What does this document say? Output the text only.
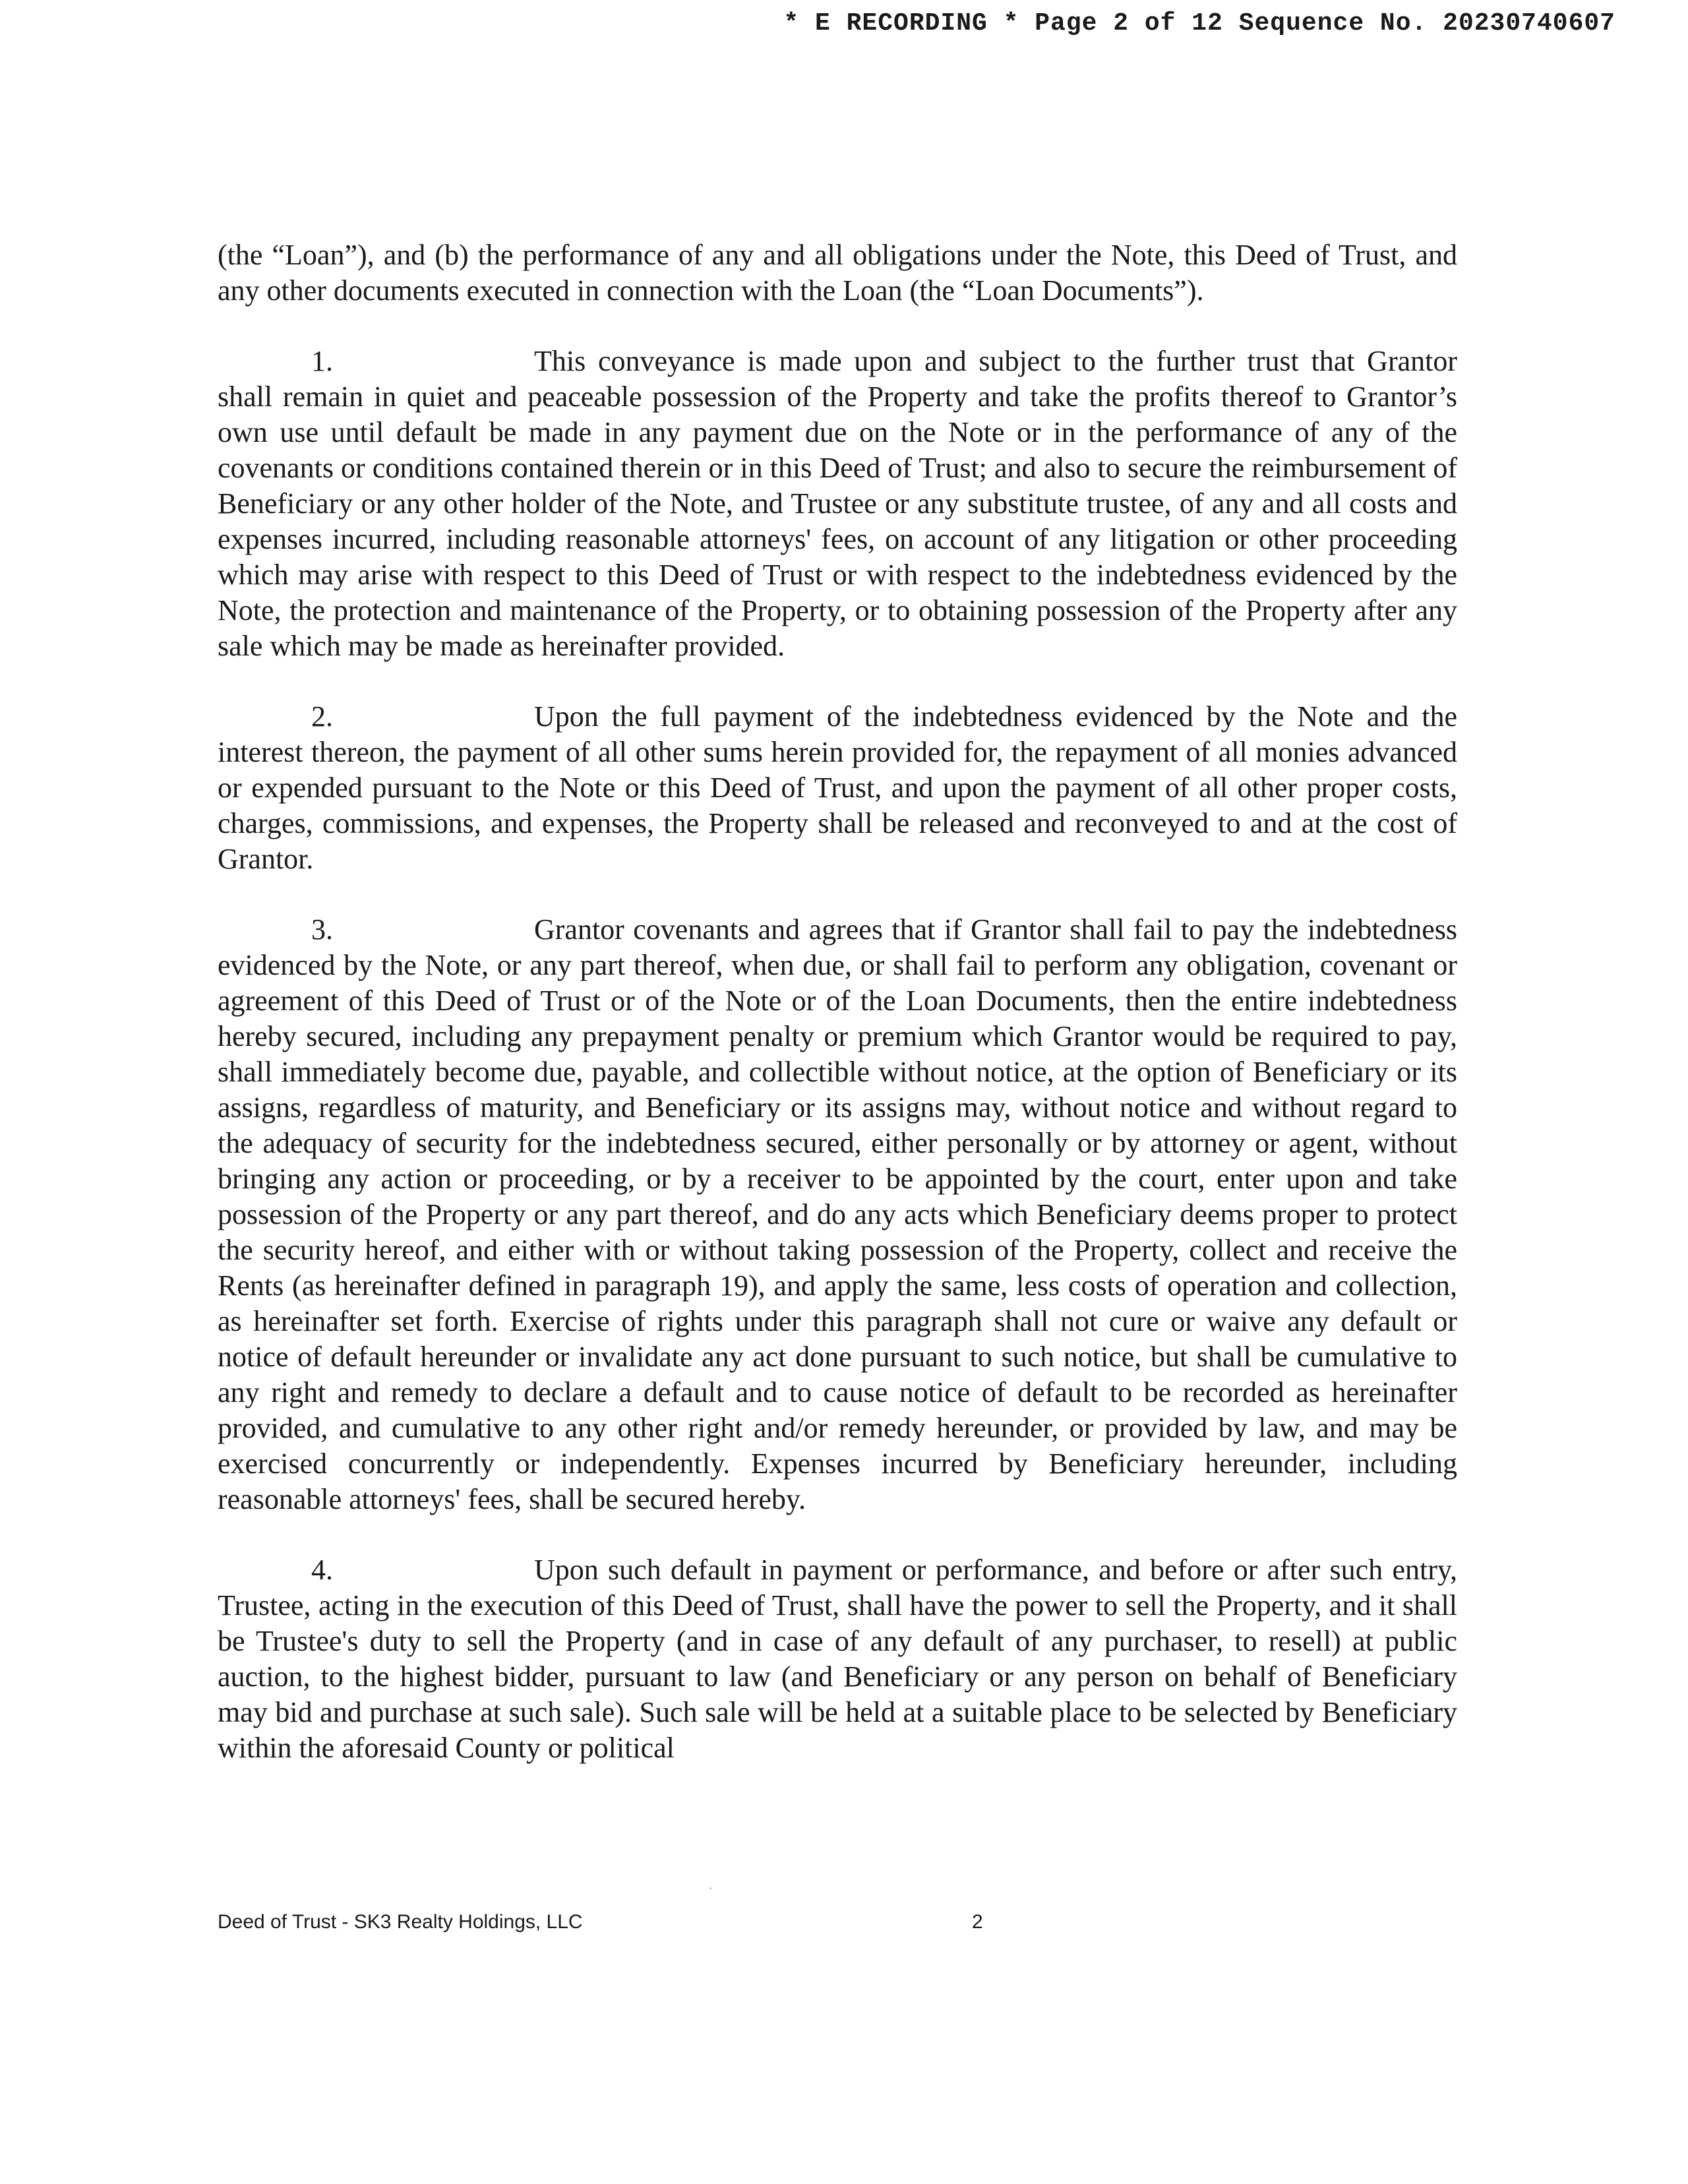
* E RECORDING * Page 2 of 12 Sequence No. 20230740607

(the “Loan”), and (b) the performance of any and all obligations under the Note, this Deed of Trust, and any other documents executed in connection with the Loan (the “Loan Documents”).

1.	This conveyance is made upon and subject to the further trust that Grantor shall remain in quiet and peaceable possession of the Property and take the profits thereof to Grantor’s own use until default be made in any payment due on the Note or in the performance of any of the covenants or conditions contained therein or in this Deed of Trust; and also to secure the reimbursement of Beneficiary or any other holder of the Note, and Trustee or any substitute trustee, of any and all costs and expenses incurred, including reasonable attorneys' fees, on account of any litigation or other proceeding which may arise with respect to this Deed of Trust or with respect to the indebtedness evidenced by the Note, the protection and maintenance of the Property, or to obtaining possession of the Property after any sale which may be made as hereinafter provided.

2.	Upon the full payment of the indebtedness evidenced by the Note and the interest thereon, the payment of all other sums herein provided for, the repayment of all monies advanced or expended pursuant to the Note or this Deed of Trust, and upon the payment of all other proper costs, charges, commissions, and expenses, the Property shall be released and reconveyed to and at the cost of Grantor.

3.	Grantor covenants and agrees that if Grantor shall fail to pay the indebtedness evidenced by the Note, or any part thereof, when due, or shall fail to perform any obligation, covenant or agreement of this Deed of Trust or of the Note or of the Loan Documents, then the entire indebtedness hereby secured, including any prepayment penalty or premium which Grantor would be required to pay, shall immediately become due, payable, and collectible without notice, at the option of Beneficiary or its assigns, regardless of maturity, and Beneficiary or its assigns may, without notice and without regard to the adequacy of security for the indebtedness secured, either personally or by attorney or agent, without bringing any action or proceeding, or by a receiver to be appointed by the court, enter upon and take possession of the Property or any part thereof, and do any acts which Beneficiary deems proper to protect the security hereof, and either with or without taking possession of the Property, collect and receive the Rents (as hereinafter defined in paragraph 19), and apply the same, less costs of operation and collection, as hereinafter set forth. Exercise of rights under this paragraph shall not cure or waive any default or notice of default hereunder or invalidate any act done pursuant to such notice, but shall be cumulative to any right and remedy to declare a default and to cause notice of default to be recorded as hereinafter provided, and cumulative to any other right and/or remedy hereunder, or provided by law, and may be exercised concurrently or independently. Expenses incurred by Beneficiary hereunder, including reasonable attorneys' fees, shall be secured hereby.

4.	Upon such default in payment or performance, and before or after such entry, Trustee, acting in the execution of this Deed of Trust, shall have the power to sell the Property, and it shall be Trustee's duty to sell the Property (and in case of any default of any purchaser, to resell) at public auction, to the highest bidder, pursuant to law (and Beneficiary or any person on behalf of Beneficiary may bid and purchase at such sale). Such sale will be held at a suitable place to be selected by Beneficiary within the aforesaid County or political

Deed of Trust - SK3 Realty Holdings, LLC	2
